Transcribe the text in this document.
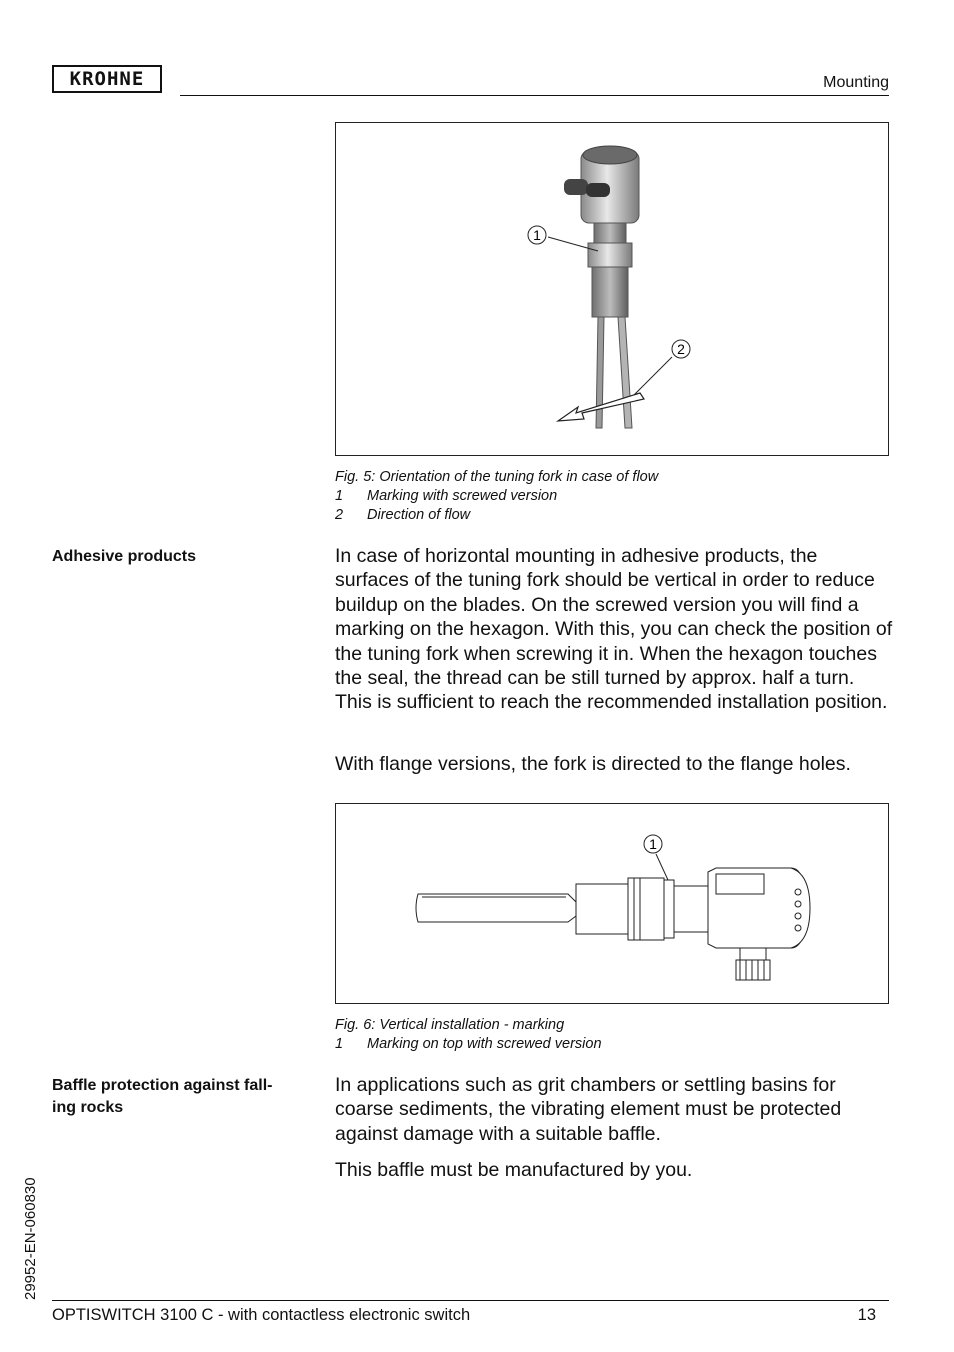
KROHNE	Mounting
1
2
Fig. 5: Orientation of the tuning fork in case of flow
1	Marking with screwed version
2	Direction of flow
Adhesive products	In case of horizontal mounting in adhesive products, the surfaces of the tuning fork should be vertical in order to reduce buildup on the blades. On the screwed version you will find a marking on the hexagon. With this, you can check the position of the tuning fork when screwing it in. When the hexagon touches the seal, the thread can be still turned by approx. half a turn. This is sufficient to reach the recommended installation position.
With flange versions, the fork is directed to the flange holes.
1
Fig. 6: Vertical installation - marking
1	Marking on top with screwed version
Baffle protection against fall-
ing rocks
In applications such as grit chambers or settling basins for coarse sediments, the vibrating element must be protected against damage with a suitable baffle.
This baffle must be manufactured by you.
29952-EN-060830
OPTISWITCH 3100 C - with contactless electronic switch	13
